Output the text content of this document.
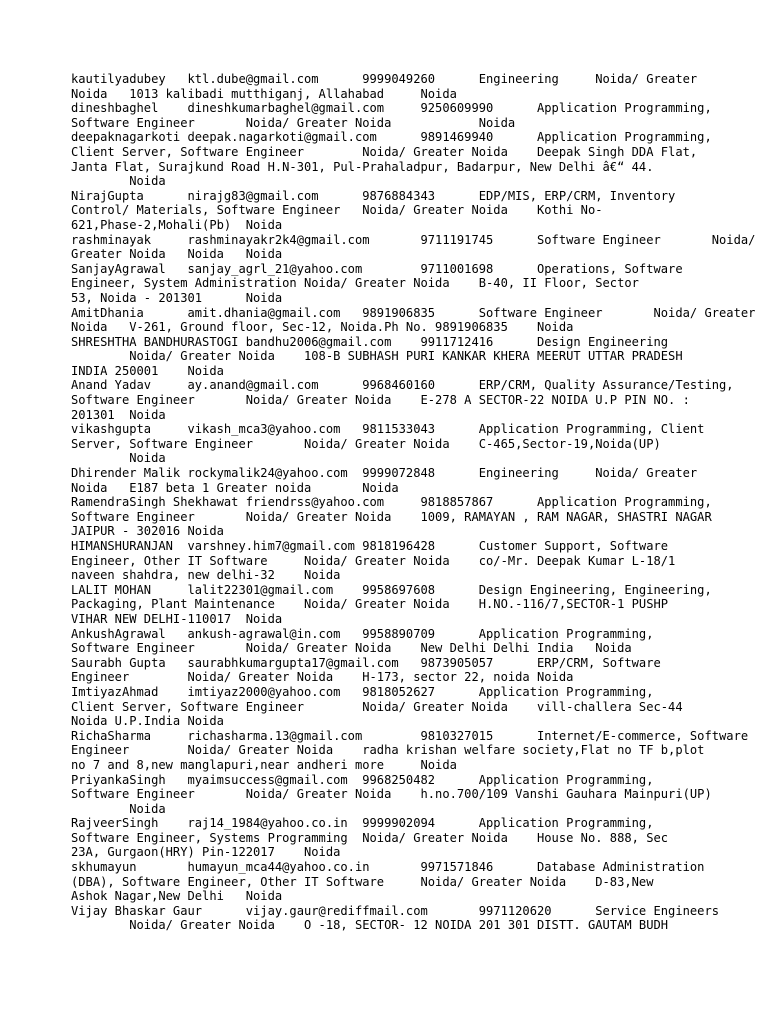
kautilyadubey	ktl.dube@gmail.com	9999049260	Engineering	Noida/ Greater
Noida	1013 kalibadi mutthiganj, Allahabad	Noida
dineshbaghel	dineshkumarbaghel@gmail.com	9250609990	Application Programming,
Software Engineer	Noida/ Greater Noida		Noida
deepaknagarkoti	deepak.nagarkoti@gmail.com	9891469940	Application Programming,
Client Server, Software Engineer	Noida/ Greater Noida	Deepak Singh DDA Flat,
Janta Flat, Surajkund Road H.N-301, Pul-Prahaladpur, Badarpur, New Delhi â€“ 44.
	Noida
NirajGupta	nirajg83@gmail.com	9876884343	EDP/MIS, ERP/CRM, Inventory
Control/ Materials, Software Engineer	Noida/ Greater Noida	Kothi No-
621,Phase-2,Mohali(Pb)	Noida
rashminayak	rashminayakr2k4@gmail.com	9711191745	Software Engineer	Noida/
Greater Noida	Noida	Noida
SanjayAgrawal	sanjay_agrl_21@yahoo.com	9711001698	Operations, Software
Engineer, System Administration	Noida/ Greater Noida	B-40, II Floor, Sector
53, Noida - 201301	Noida
AmitDhania	amit.dhania@gmail.com	9891906835	Software Engineer	Noida/ Greater
Noida	V-261, Ground floor, Sec-12, Noida.Ph No. 9891906835	Noida
SHRESHTHA BANDHURASTOGI	bandhu2006@gmail.com	9911712416	Design Engineering
	Noida/ Greater Noida	108-B SUBHASH PURI KANKAR KHERA MEERUT UTTAR PRADESH
INDIA 250001	Noida
Anand Yadav	ay.anand@gmail.com	9968460160	ERP/CRM, Quality Assurance/Testing,
Software Engineer	Noida/ Greater Noida	E-278 A SECTOR-22 NOIDA U.P PIN NO. :
201301	Noida
vikashgupta	vikash_mca3@yahoo.com	9811533043	Application Programming, Client
Server, Software Engineer	Noida/ Greater Noida	C-465,Sector-19,Noida(UP)
	Noida
Dhirender Malik	rockymalik24@yahoo.com	9999072848	Engineering	Noida/ Greater
Noida	E187 beta 1 Greater noida	Noida
RamendraSingh Shekhawat	friendrss@yahoo.com	9818857867	Application Programming,
Software Engineer	Noida/ Greater Noida	1009, RAMAYAN , RAM NAGAR, SHASTRI NAGAR
JAIPUR - 302016	Noida
HIMANSHURANJAN	varshney.him7@gmail.com	9818196428	Customer Support, Software
Engineer, Other IT Software	Noida/ Greater Noida	co/-Mr. Deepak Kumar L-18/1
naveen shahdra, new delhi-32	Noida
LALIT MOHAN	lalit22301@gmail.com	9958697608	Design Engineering, Engineering,
Packaging, Plant Maintenance	Noida/ Greater Noida	H.NO.-116/7,SECTOR-1 PUSHP
VIHAR NEW DELHI-110017	Noida
AnkushAgrawal	ankush-agrawal@in.com	9958890709	Application Programming,
Software Engineer	Noida/ Greater Noida	New Delhi Delhi India	Noida
Saurabh Gupta	saurabhkumargupta17@gmail.com	9873905057	ERP/CRM, Software
Engineer	Noida/ Greater Noida	H-173, sector 22, noida	Noida
ImtiyazAhmad	imtiyaz2000@yahoo.com	9818052627	Application Programming,
Client Server, Software Engineer	Noida/ Greater Noida	vill-challera Sec-44
Noida U.P.India	Noida
RichaSharma	richasharma.13@gmail.com	9810327015	Internet/E-commerce, Software
Engineer	Noida/ Greater Noida	radha krishan welfare society,Flat no TF b,plot
no 7 and 8,new manglapuri,near andheri more	Noida
PriyankaSingh	myaimsuccess@gmail.com	9968250482	Application Programming,
Software Engineer	Noida/ Greater Noida	h.no.700/109 Vanshi Gauhara Mainpuri(UP)
	Noida
RajveerSingh	raj14_1984@yahoo.co.in	9999902094	Application Programming,
Software Engineer, Systems Programming	Noida/ Greater Noida	House No. 888, Sec
23A, Gurgaon(HRY) Pin-122017	Noida
skhumayun	humayun_mca44@yahoo.co.in	9971571846	Database Administration
(DBA), Software Engineer, Other IT Software	Noida/ Greater Noida	D-83,New
Ashok Nagar,New Delhi	Noida
Vijay Bhaskar Gaur	vijay.gaur@rediffmail.com	9971120620	Service Engineers
	Noida/ Greater Noida	O -18, SECTOR- 12 NOIDA 201 301 DISTT. GAUTAM BUDH
